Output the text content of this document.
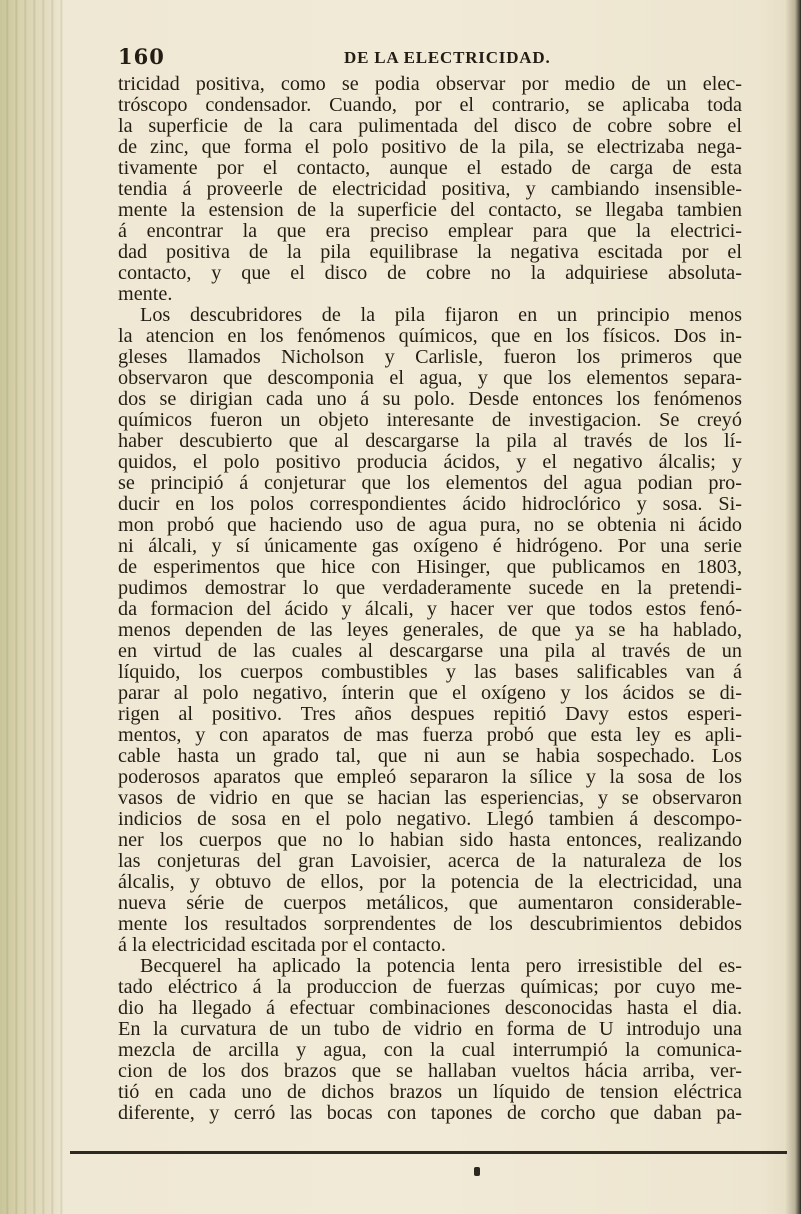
160	DE LA ELECTRICIDAD.
tricidad positiva, como se podia observar por medio de un elec-
tróscopo condensador. Cuando, por el contrario, se aplicaba toda
la superficie de la cara pulimentada del disco de cobre sobre el
de zinc, que forma el polo positivo de la pila, se electrizaba nega-
tivamente por el contacto, aunque el estado de carga de esta
tendia á proveerle de electricidad positiva, y cambiando insensible-
mente la estension de la superficie del contacto, se llegaba tambien
á encontrar la que era preciso emplear para que la electrici-
dad positiva de la pila equilibrase la negativa escitada por el
contacto, y que el disco de cobre no la adquiriese absoluta-
mente.
Los descubridores de la pila fijaron en un principio menos
la atencion en los fenómenos químicos, que en los físicos. Dos in-
gleses llamados Nicholson y Carlisle, fueron los primeros que
observaron que descomponia el agua, y que los elementos separa-
dos se dirigian cada uno á su polo. Desde entonces los fenómenos
químicos fueron un objeto interesante de investigacion. Se creyó
haber descubierto que al descargarse la pila al través de los lí-
quidos, el polo positivo producia ácidos, y el negativo álcalis; y
se principió á conjeturar que los elementos del agua podian pro-
ducir en los polos correspondientes ácido hidroclórico y sosa. Si-
mon probó que haciendo uso de agua pura, no se obtenia ni ácido
ni álcali, y sí únicamente gas oxígeno é hidrógeno. Por una serie
de esperimentos que hice con Hisinger, que publicamos en 1803,
pudimos demostrar lo que verdaderamente sucede en la pretendi-
da formacion del ácido y álcali, y hacer ver que todos estos fenó-
menos dependen de las leyes generales, de que ya se ha hablado,
en virtud de las cuales al descargarse una pila al través de un
líquido, los cuerpos combustibles y las bases salificables van á
parar al polo negativo, ínterin que el oxígeno y los ácidos se di-
rigen al positivo. Tres años despues repitió Davy estos esperi-
mentos, y con aparatos de mas fuerza probó que esta ley es apli-
cable hasta un grado tal, que ni aun se habia sospechado. Los
poderosos aparatos que empleó separaron la sílice y la sosa de los
vasos de vidrio en que se hacian las esperiencias, y se observaron
indicios de sosa en el polo negativo. Llegó tambien á descompo-
ner los cuerpos que no lo habian sido hasta entonces, realizando
las conjeturas del gran Lavoisier, acerca de la naturaleza de los
álcalis, y obtuvo de ellos, por la potencia de la electricidad, una
nueva série de cuerpos metálicos, que aumentaron considerable-
mente los resultados sorprendentes de los descubrimientos debidos
á la electricidad escitada por el contacto.
Becquerel ha aplicado la potencia lenta pero irresistible del es-
tado eléctrico á la produccion de fuerzas químicas; por cuyo me-
dio ha llegado á efectuar combinaciones desconocidas hasta el dia.
En la curvatura de un tubo de vidrio en forma de U introdujo una
mezcla de arcilla y agua, con la cual interrumpió la comunica-
cion de los dos brazos que se hallaban vueltos hácia arriba, ver-
tió en cada uno de dichos brazos un líquido de tension eléctrica
diferente, y cerró las bocas con tapones de corcho que daban pa-
